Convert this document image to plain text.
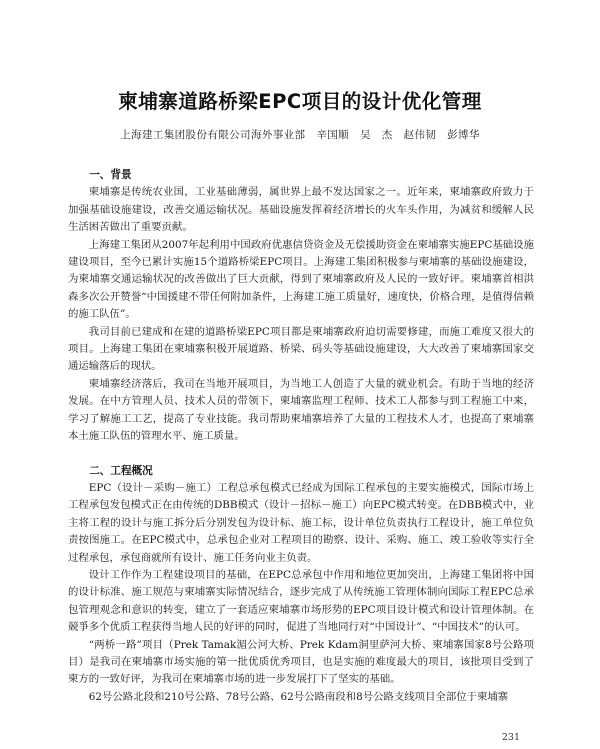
柬埔寨道路桥梁EPC项目的设计优化管理
上海建工集团股份有限公司海外事业部　辛国顺　吴　杰　赵伟韧　彭博华
一、背景

柬埔寨是传统农业国，工业基础薄弱，属世界上最不发达国家之一。近年来，柬埔寨政府致力于加强基础设施建设，改善交通运输状况。基础设施发挥着经济增长的火车头作用，为减贫和缓解人民生活困苦做出了重要贡献。

上海建工集团从2007年起利用中国政府优惠信贷资金及无偿援助资金在柬埔寨实施EPC基础设施建设项目，至今已累计实施15个道路桥梁EPC项目。上海建工集团积极参与柬埔寨的基础设施建设，为柬埔寨交通运输状况的改善做出了巨大贡献，得到了柬埔寨政府及人民的一致好评。柬埔寨首相洪森多次公开赞誉“中国援建不带任何附加条件，上海建工施工质量好，速度快，价格合理，是值得信赖的施工队伍”。

我司目前已建成和在建的道路桥梁EPC项目都是柬埔寨政府迫切需要修建，而施工难度又很大的项目。上海建工集团在柬埔寨积极开展道路、桥梁、码头等基础设施建设，大大改善了柬埔寨国家交通运输落后的现状。

柬埔寨经济落后，我司在当地开展项目，为当地工人创造了大量的就业机会。有助于当地的经济发展。在中方管理人员、技术人员的带领下，柬埔寨监理工程师、技术工人都参与到工程施工中来，学习了解施工工艺，提高了专业技能。我司帮助柬埔寨培养了大量的工程技术人才，也提高了柬埔寨本土施工队伍的管理水平、施工质量。

二、工程概况

EPC（设计－采购－施工）工程总承包模式已经成为国际工程承包的主要实施模式，国际市场上工程承包发包模式正在由传统的DBB模式（设计－招标－施工）向EPC模式转变。在DBB模式中，业主将工程的设计与施工拆分后分别发包为设计标、施工标，设计单位负责执行工程设计，施工单位负责按图施工。在EPC模式中，总承包企业对工程项目的勘察、设计、采购、施工、竣工验收等实行全过程承包，承包商就所有设计、施工任务向业主负责。

设计工作作为工程建设项目的基础，在EPC总承包中作用和地位更加突出，上海建工集团将中国的设计标准、施工规范与柬埔寨实际情况结合，逐步完成了从传统施工管理体制向国际工程EPC总承包管理观念和意识的转变，建立了一套适应柬埔寨市场形势的EPC项目设计模式和设计管理体制。在競爭多个优质工程获得当地人民的好评的同时，促进了当地同行对“中国设计”、“中国技术”的认可。

“两桥一路”项目（Prek Tamak湄公河大桥、Prek Kdam洞里萨河大桥、柬埔寨国家8号公路项目）是我司在柬埔寨市场实施的第一批优质优秀项目，也是实施的难度最大的项目，该批项目受到了柬方的一致好评，为我司在柬埔寨市场的进一步发展打下了坚实的基础。

62号公路北段和210号公路、78号公路、62号公路南段和8号公路支线项目全部位于柬埔寨

231
